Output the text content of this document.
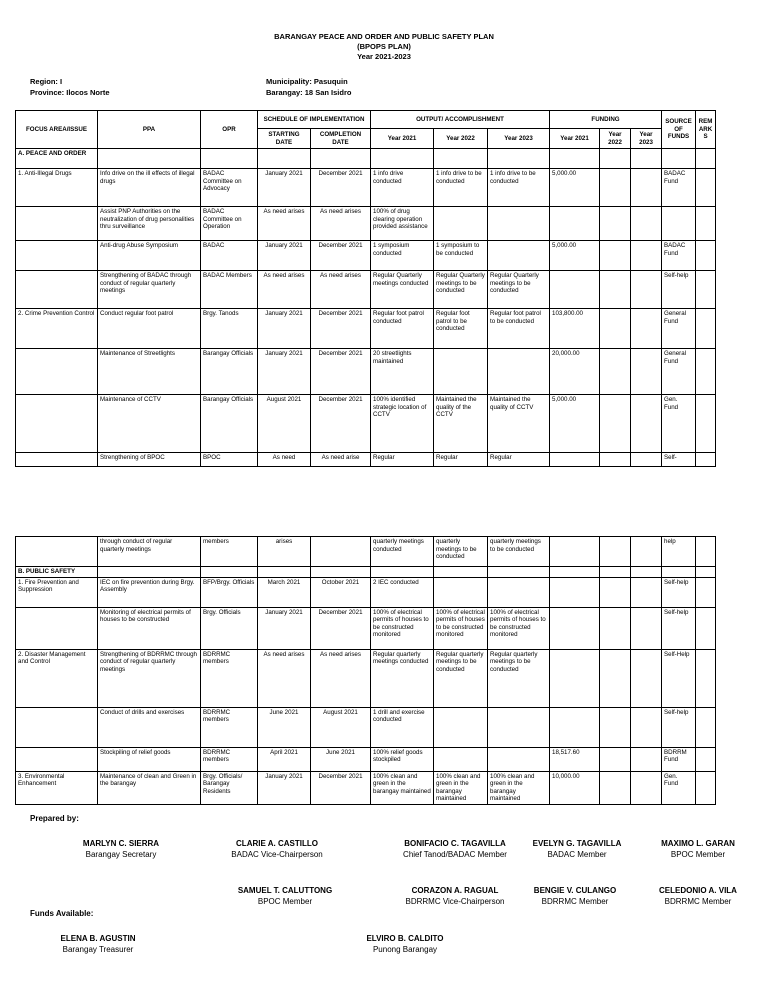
BARANGAY PEACE AND ORDER AND PUBLIC SAFETY PLAN
(BPOPS PLAN)
Year 2021-2023
Region: I
Province: Ilocos Norte
Municipality: Pasuquin
Barangay: 18 San Isidro
FOCUS AREA/ISSUE	PPA	OPR	SCHEDULE OF IMPLEMENTATION		OUTPUT/ ACCOMPLISHMENT			FUNDING			SOURCE OF FUNDS	REMARKS
			STARTING DATE	COMPLETION DATE	Year 2021	Year 2022	Year 2023	Year 2021	Year 2022	Year 2023		
A. PEACE AND ORDER												
1. Anti-Illegal Drugs	Info drive on the ill effects of illegal drugs	BADAC Committee on Advocacy	January 2021	December 2021	1 info drive conducted	1 info drive to be conducted	1 info drive to be conducted	5,000.00			BADAC Fund	
	Assist PNP Authorities on the neutralization of drug personalities thru surveillance	BADAC Committee on Operation	As need arises	As need arises	100% of drug clearing operation provided assistance							
	Anti-drug Abuse Symposium	BADAC	January 2021	December 2021	1 symposium conducted	1 symposium to be conducted		5,000.00			BADAC Fund	
	Strengthening of BADAC through conduct of regular quarterly meetings	BADAC Members	As need arises	As need arises	Regular Quarterly meetings conducted	Regular Quarterly meetings to be conducted	Regular Quarterly meetings to be conducted				Self-help	
2. Crime Prevention Control	Conduct regular foot patrol	Brgy. Tanods	January 2021	December 2021	Regular foot patrol conducted	Regular foot patrol to be conducted	Regular foot patrol to be conducted	103,800.00			General Fund	
	Maintenance of Streetlights	Barangay Officials	January 2021	December 2021	20 streetlights maintained			20,000.00			General Fund	
	Maintenance of CCTV	Barangay Officials	August 2021	December 2021	100% identified strategic location of CCTV	Maintained the quality of the CCTV	Maintained the quality of CCTV	5,000.00			Gen. Fund	
	Strengthening of BPOC	BPOC	As need	As need arise	Regular	Regular	Regular				Self-	
	through conduct of regular quarterly meetings	members	arises		quarterly meetings conducted	quarterly meetings to be conducted	quarterly meetings to be conducted				help	
B. PUBLIC SAFETY												
1. Fire Prevention and Suppression	IEC on fire prevention during Brgy. Assembly	BFP/Brgy. Officials	March 2021	October 2021	2 IEC conducted						Self-help	
	Monitoring of electrical permits of houses to be constructed	Brgy. Officials	January 2021	December 2021	100% of electrical permits of houses to be constructed monitored	100% of electrical permits of houses to be constructed monitored	100% of electrical permits of houses to be constructed monitored				Self-help	
2. Disaster Management and Control	Strengthening of BDRRMC through conduct of regular quarterly meetings	BDRRMC members	As need arises	As need arises	Regular quarterly meetings conducted	Regular quarterly meetings to be conducted	Regular quarterly meetings to be conducted				Self-Help	
	Conduct of drills and exercises	BDRRMC members	June 2021	August 2021	1 drill and exercise conducted						Self-help	
	Stockpiling of relief goods	BDRRMC members	April 2021	June 2021	100% relief goods stockpiled			18,517.60			BDRRM Fund	
3. Environmental Enhancement	Maintenance of clean and Green in the barangay	Brgy. Officials/ Barangay Residents	January 2021	December 2021	100% clean and green in the barangay maintained	100% clean and green in the barangay maintained	100% clean and green in the barangay maintained	10,000.00			Gen. Fund	
Prepared by:
MARLYN C. SIERRA
Barangay Secretary
CLARIE A. CASTILLO
BADAC Vice-Chairperson
BONIFACIO C. TAGAVILLA
Chief Tanod/BADAC Member
EVELYN G. TAGAVILLA
BADAC Member
MAXIMO L. GARAN
BPOC Member
SAMUEL T. CALUTTONG
BPOC Member
CORAZON A. RAGUAL
BDRRMC Vice-Chairperson
BENGIE V. CULANGO
BDRRMC Member
CELEDONIO A. VILA
BDRRMC Member
Funds Available:
ELENA B. AGUSTIN
Barangay Treasurer
ELVIRO B. CALDITO
Punong Barangay
